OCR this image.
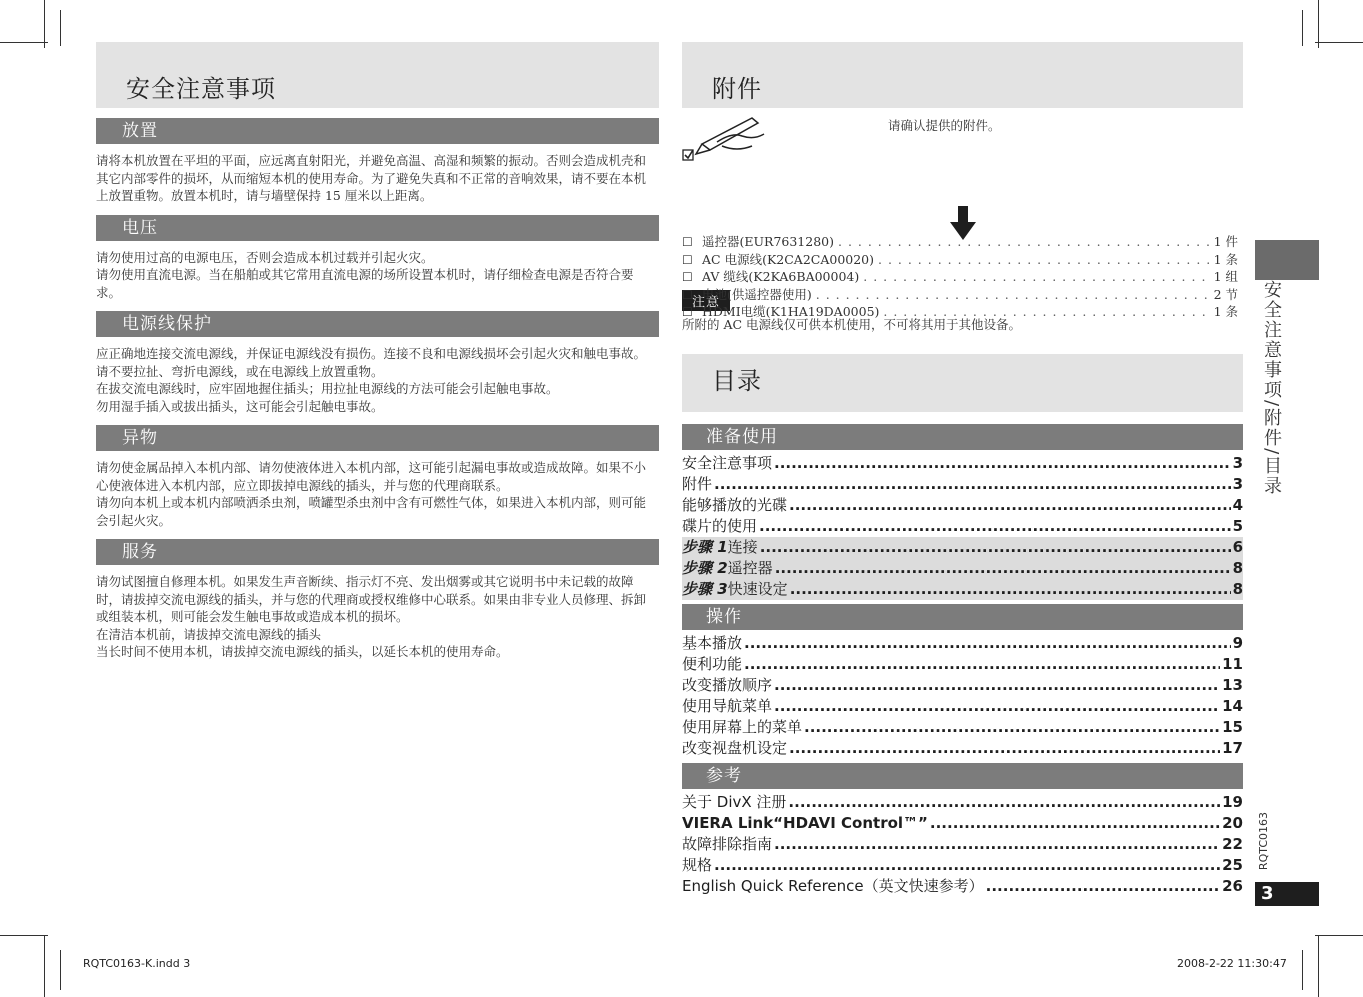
安全注意事项
放置

请将本机放置在平坦的平面，应远离直射阳光，并避免高温、高湿和频繁的振动。否则会造成机壳和其它内部零件的损坏，从而缩短本机的使用寿命。为了避免失真和不正常的音响效果，请不要在本机上放置重物。放置本机时，请与墙壁保持 15 厘米以上距离。

电压

请勿使用过高的电源电压，否则会造成本机过载并引起火灾。

请勿使用直流电源。当在船舶或其它常用直流电源的场所设置本机时，请仔细检查电源是否符合要求。

电源线保护

应正确地连接交流电源线，并保证电源线没有损伤。连接不良和电源线损坏会引起火灾和触电事故。请不要拉扯、弯折电源线，或在电源线上放置重物。

在拔交流电源线时，应牢固地握住插头；用拉扯电源线的方法可能会引起触电事故。

勿用湿手插入或拔出插头，这可能会引起触电事故。

异物

请勿使金属品掉入本机内部、请勿使液体进入本机内部，这可能引起漏电事故或造成故障。如果不小心使液体进入本机内部，应立即拔掉电源线的插头，并与您的代理商联系。

请勿向本机上或本机内部喷洒杀虫剂，喷罐型杀虫剂中含有可燃性气体，如果进入本机内部，则可能会引起火灾。

服务

请勿试图擅自修理本机。如果发生声音断续、指示灯不亮、发出烟雾或其它说明书中未记载的故障时，请拔掉交流电源线的插头，并与您的代理商或授权维修中心联系。如果由非专业人员修理、拆卸或组装本机，则可能会发生触电事故或造成本机的损坏。

在清洁本机前，请拔掉交流电源线的插头

当长时间不使用本机，请拔掉交流电源线的插头，以延长本机的使用寿命。

附件
请确认提供的附件。
☐ 遥控器(EUR7631280) . . .	1 件
☐ AC 电源线(K2CA2CA00020) . . .	1 条
☐ AV 缆线(K2KA6BA00004) . . .	1 组
☐ 电池(供遥控器使用) . . .	2 节
☐ HDMI电缆(K1HA19DA0005) . . .	1 条
注意
所附的 AC 电源线仅可供本机使用，不可将其用于其他设备。
目录
准备使用
安全注意事项 .....	3
附件 .....	3
能够播放的光碟 .....	4
碟片的使用 .....	5
步骤 1连接 .....	6
步骤 2遥控器 .....	8
步骤 3快速设定 .....	8
操作
基本播放 .....	9
便利功能 .....	11
改变播放顺序 .....	13
使用导航菜单 .....	14
使用屏幕上的菜单 .....	15
改变视盘机设定 .....	17
参考
关于 DivX 注册 .....	19
VIERA Link“HDAVI Control™” .....	20
故障排除指南 .....	22
规格 .....	25
English Quick Reference（英文快速参考） .....	26
安全注意事项/附件/目录
RQTC0163
3
RQTC0163-K.indd 3	2008-2-22 11:30:47
